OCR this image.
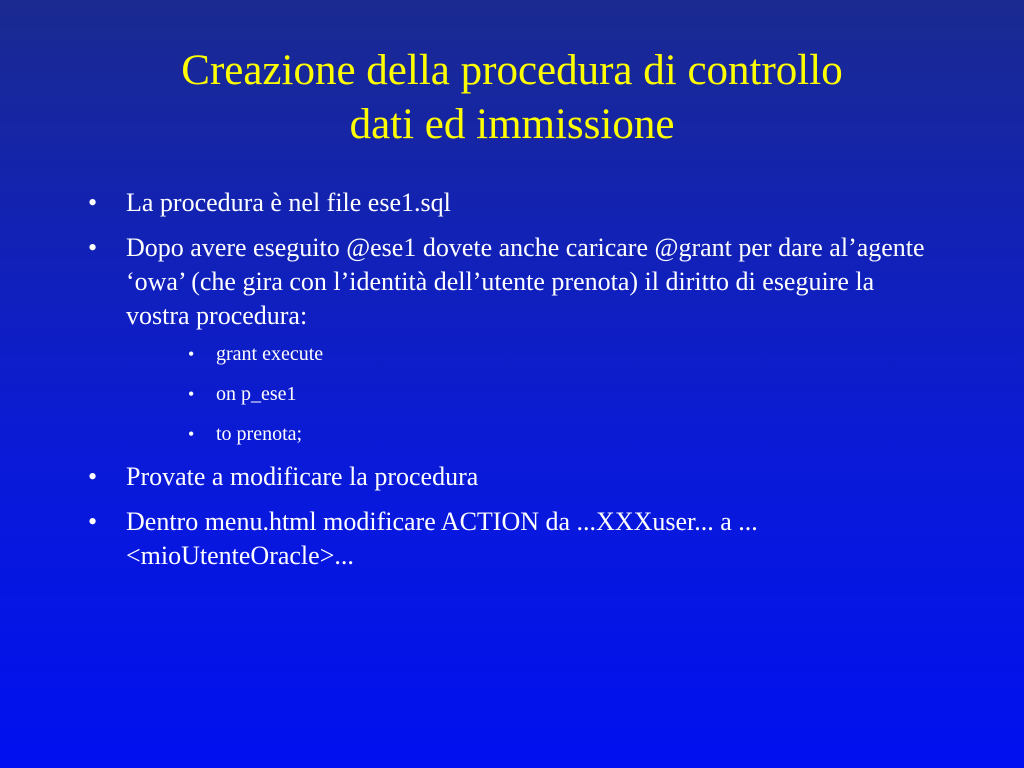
Creazione della procedura di controllo
dati ed immissione
• La procedura è nel file ese1.sql
• Dopo avere eseguito @ese1 dovete anche caricare @grant per dare al’agente ‘owa’ (che gira con l’identità dell’utente prenota) il diritto di eseguire la vostra procedura:
• grant execute
• on p_ese1
• to prenota;
• Provate a modificare la procedura
• Dentro menu.html modificare ACTION da ...XXXuser... a ...<mioUtenteOracle>...
